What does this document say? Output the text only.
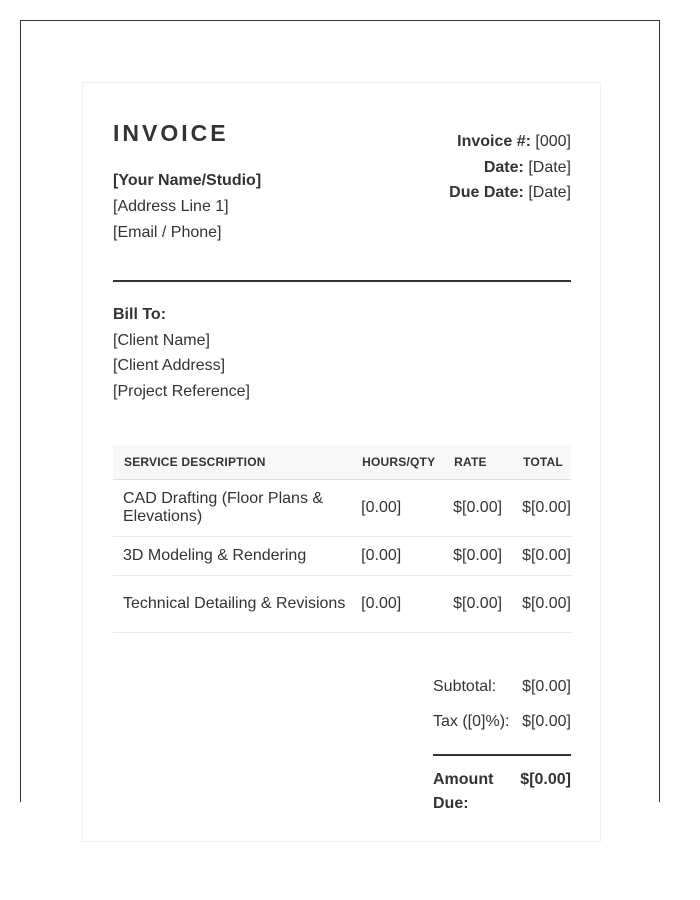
INVOICE
[Your Name/Studio]
[Address Line 1]
[Email / Phone]
Invoice #: [000]
Date: [Date]
Due Date: [Date]
Bill To:
[Client Name]
[Client Address]
[Project Reference]
SERVICE DESCRIPTION	HOURS/QTY	RATE	TOTAL
CAD Drafting (Floor Plans & Elevations)	[0.00]	$[0.00]	$[0.00]
3D Modeling & Rendering	[0.00]	$[0.00]	$[0.00]
Technical Detailing & Revisions	[0.00]	$[0.00]	$[0.00]
Subtotal: $[0.00]
Tax ([0]%): $[0.00]
Amount Due:
$[0.00]
